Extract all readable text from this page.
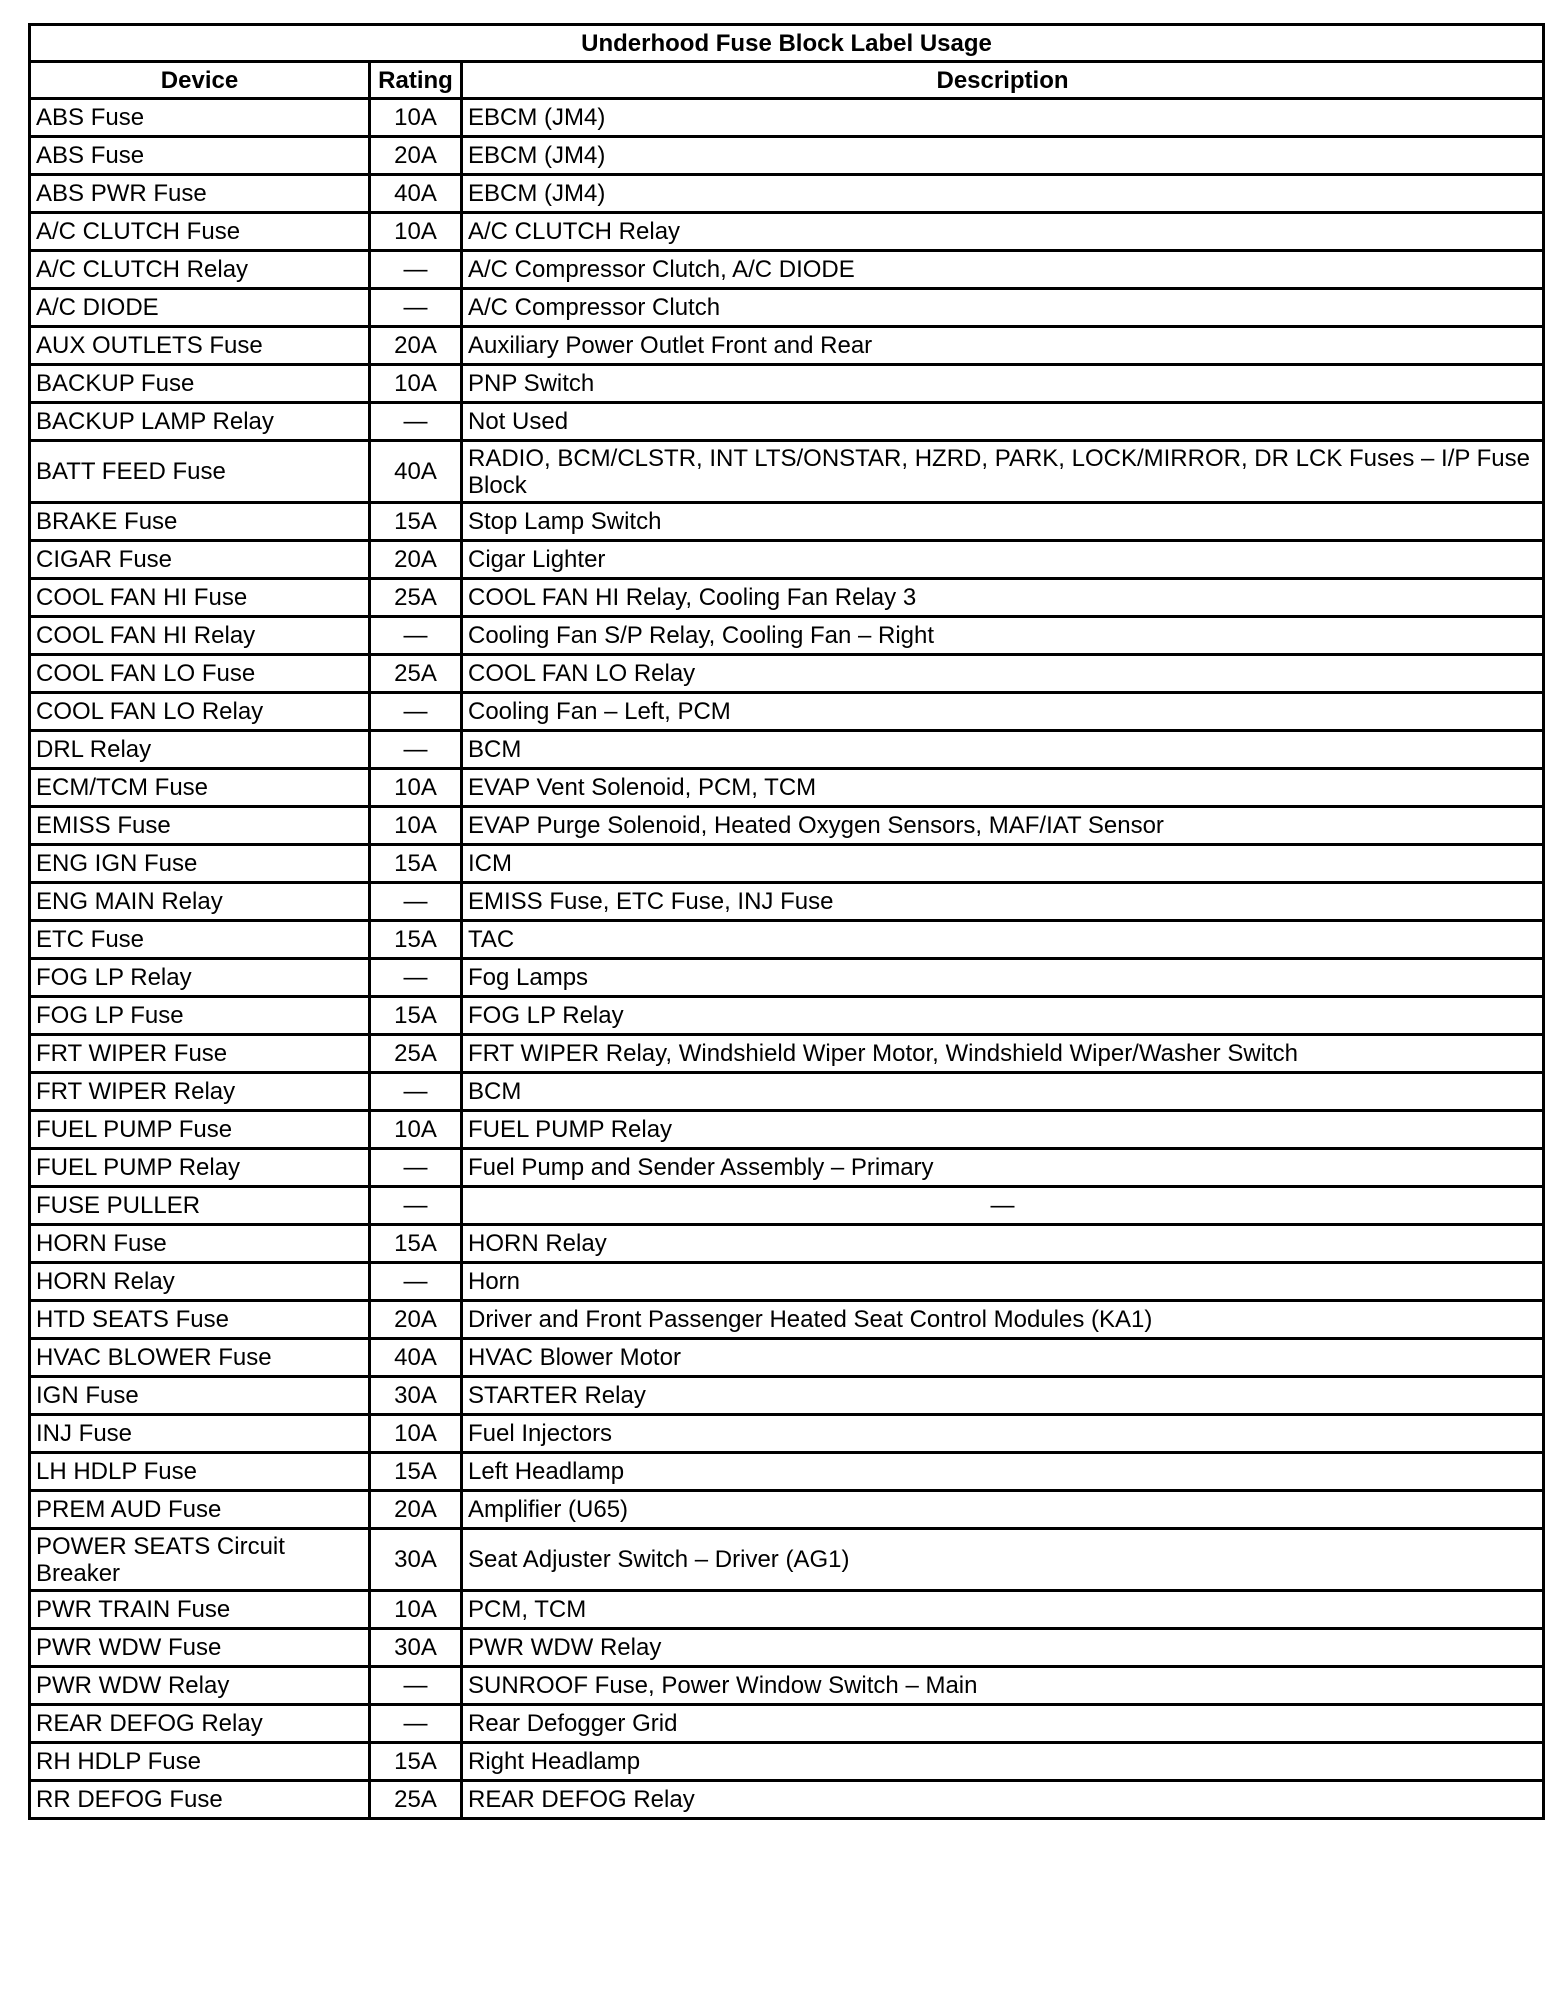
Underhood Fuse Block Label Usage		
Device	Rating	Description
ABS Fuse	10A	EBCM (JM4)
ABS Fuse	20A	EBCM (JM4)
ABS PWR Fuse	40A	EBCM (JM4)
A/C CLUTCH Fuse	10A	A/C CLUTCH Relay
A/C CLUTCH Relay	—	A/C Compressor Clutch, A/C DIODE
A/C DIODE	—	A/C Compressor Clutch
AUX OUTLETS Fuse	20A	Auxiliary Power Outlet Front and Rear
BACKUP Fuse	10A	PNP Switch
BACKUP LAMP Relay	—	Not Used
BATT FEED Fuse	40A	RADIO, BCM/CLSTR, INT LTS/ONSTAR, HZRD, PARK, LOCK/MIRROR, DR LCK Fuses – I/P Fuse Block
BRAKE Fuse	15A	Stop Lamp Switch
CIGAR Fuse	20A	Cigar Lighter
COOL FAN HI Fuse	25A	COOL FAN HI Relay, Cooling Fan Relay 3
COOL FAN HI Relay	—	Cooling Fan S/P Relay, Cooling Fan – Right
COOL FAN LO Fuse	25A	COOL FAN LO Relay
COOL FAN LO Relay	—	Cooling Fan – Left, PCM
DRL Relay	—	BCM
ECM/TCM Fuse	10A	EVAP Vent Solenoid, PCM, TCM
EMISS Fuse	10A	EVAP Purge Solenoid, Heated Oxygen Sensors, MAF/IAT Sensor
ENG IGN Fuse	15A	ICM
ENG MAIN Relay	—	EMISS Fuse, ETC Fuse, INJ Fuse
ETC Fuse	15A	TAC
FOG LP Relay	—	Fog Lamps
FOG LP Fuse	15A	FOG LP Relay
FRT WIPER Fuse	25A	FRT WIPER Relay, Windshield Wiper Motor, Windshield Wiper/Washer Switch
FRT WIPER Relay	—	BCM
FUEL PUMP Fuse	10A	FUEL PUMP Relay
FUEL PUMP Relay	—	Fuel Pump and Sender Assembly – Primary
FUSE PULLER	—	—
HORN Fuse	15A	HORN Relay
HORN Relay	—	Horn
HTD SEATS Fuse	20A	Driver and Front Passenger Heated Seat Control Modules (KA1)
HVAC BLOWER Fuse	40A	HVAC Blower Motor
IGN Fuse	30A	STARTER Relay
INJ Fuse	10A	Fuel Injectors
LH HDLP Fuse	15A	Left Headlamp
PREM AUD Fuse	20A	Amplifier (U65)
POWER SEATS Circuit Breaker	30A	Seat Adjuster Switch – Driver (AG1)
PWR TRAIN Fuse	10A	PCM, TCM
PWR WDW Fuse	30A	PWR WDW Relay
PWR WDW Relay	—	SUNROOF Fuse, Power Window Switch – Main
REAR DEFOG Relay	—	Rear Defogger Grid
RH HDLP Fuse	15A	Right Headlamp
RR DEFOG Fuse	25A	REAR DEFOG Relay
